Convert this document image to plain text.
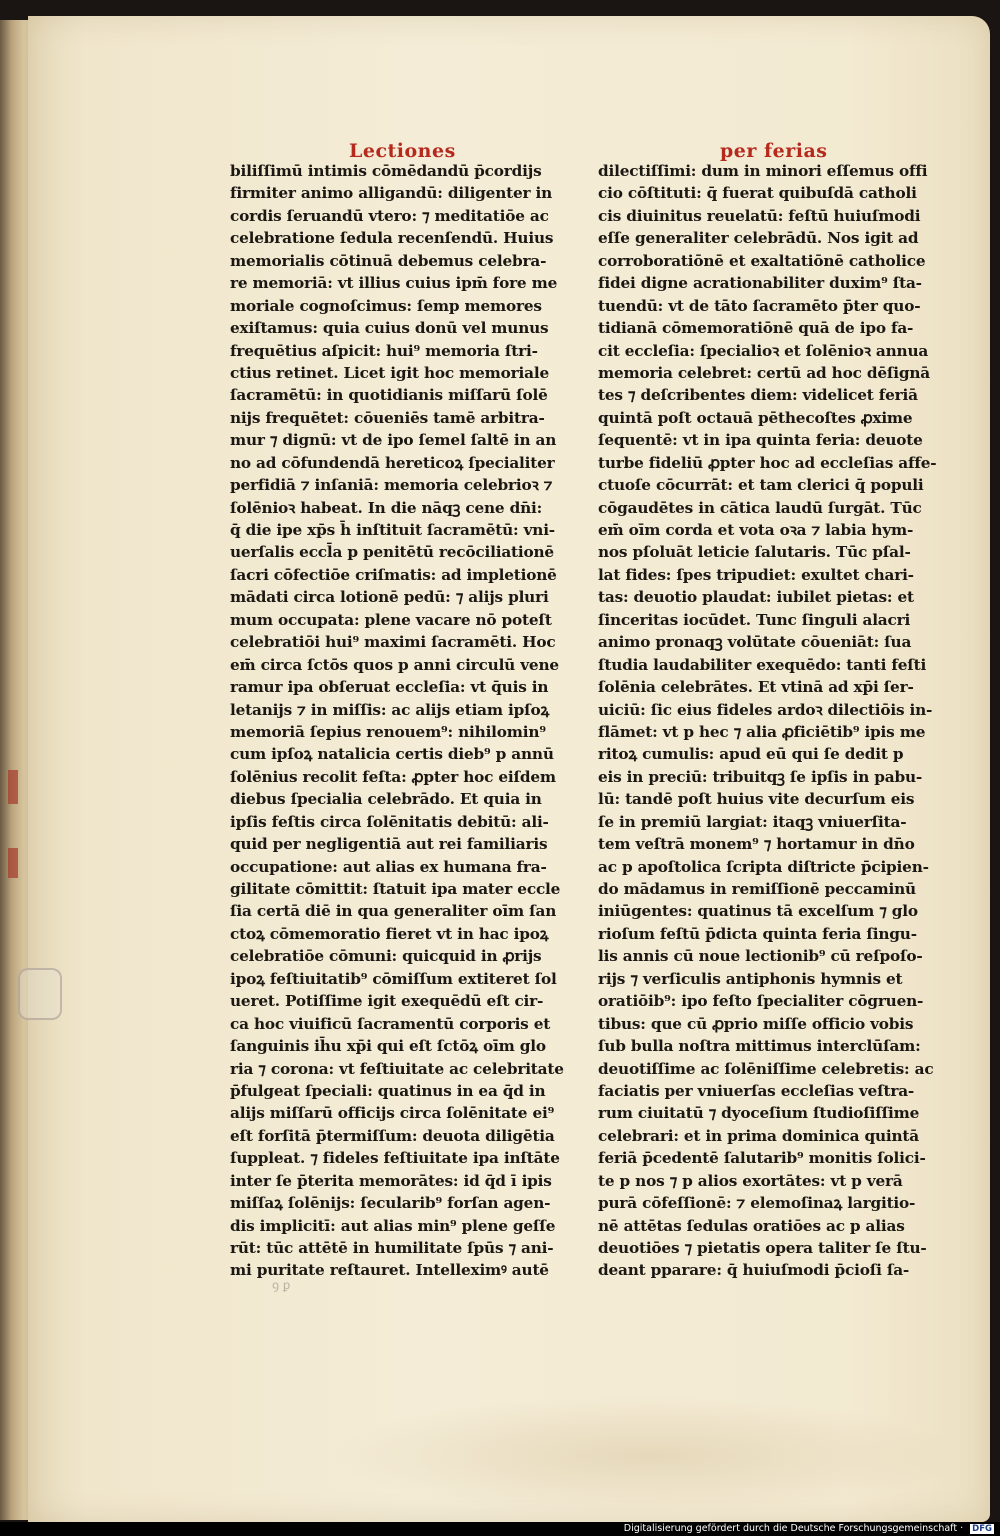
Lectiones	per ferias
biliſſimū intimis cōmēdandū p̄cordijs
firmiter animo alligandū: diligenter in
cordis ſeruandū vtero: ⁊ meditatiōe ac
celebratione ſedula recenſendū. Huius
memorialis cōtinuā debemus celebra-
re memoriā: vt illius cuius ipm̄ fore me
moriale cognoſcimus: ſemp memores
exiſtamus: quia cuius donū vel munus
frequētius aſpicit: hui⁹ memoria ſtri-
ctius retinet. Licet igit hoc memoriale
ſacramētū: in quotidianis miſſarū ſolē
nijs frequētet: cōueniēs tamē arbitra-
mur ⁊ dignū: vt de ipo ſemel ſaltē in an
no ad cōfundendā hereticoꝝ ſpecialiter
perfidiā ⁊ inſaniā: memoria celebrioꝛ ⁊
ſolēnioꝛ habeat. In die nāqꝫ cene dn̄i:
q̄ die ipe xp̄s h̄ inſtituit ſacramētū: vni-
uerſalis eccl̄a p penitētū recōciliationē
ſacri cōfectiōe criſmatis: ad impletionē
mādati circa lotionē pedū: ⁊ alijs pluri
mum occupata: plene vacare nō poteſt
celebratiōi hui⁹ maximi ſacramēti. Hoc
em̄ circa ſctōs quos p anni circulū vene
ramur ipa obſeruat eccleſia: vt q̄uis in
letanijs ⁊ in miſſis: ac alijs etiam ipſoꝝ
memoriā ſepius renouem⁹: nihilomin⁹
cum ipſoꝝ natalicia certis dieb⁹ p annū
ſolēnius recolit feſta: ꝓpter hoc eiſdem
diebus ſpecialia celebrādo. Et quia in
ipſis feſtis circa ſolēnitatis debitū: ali-
quid per negligentiā aut rei familiaris
occupatione: aut alias ex humana fra-
gilitate cōmittit: ſtatuit ipa mater eccle
ſia certā diē in qua generaliter oīm ſan
ctoꝝ cōmemoratio fieret vt in hac ipoꝝ
celebratiōe cōmuni: quicquid in ꝓrijs
ipoꝝ feſtiuitatib⁹ cōmiſſum extiteret ſol
ueret. Potiſſime igit exequēdū eſt cir-
ca hoc viuificū ſacramentū corporis et
ſanguinis ih̄u xp̄i qui eſt ſctōꝝ oīm glo
ria ⁊ corona: vt feſtiuitate ac celebritate
p̄fulgeat ſpeciali: quatinus in ea q̄d in
alijs miſſarū officijs circa ſolēnitate ei⁹
eſt forſitā p̄termiſſum: deuota diligētia
ſuppleat. ⁊ fideles feſtiuitate ipa inſtāte
inter ſe p̄terita memorātes: id q̄d ī ipis
miſſaꝝ ſolēnijs: ſecularib⁹ forſan agen-
dis implicitī: aut alias min⁹ plene geſſe
rūt: tūc attētē in humilitate ſpūs ⁊ ani-
mi puritate reſtauret. Intelleximꝰ autē
dilectiſſimi: dum in minori eſſemus offi
cio cōſtituti: q̄ fuerat quibuſdā catholi
cis diuinitus reuelatū: feſtū huiuſmodi
eſſe generaliter celebrādū. Nos igit ad
corroboratiōnē et exaltatiōnē catholice
fidei digne acrationabiliter duxim⁹ ſta-
tuendū: vt de tāto ſacramēto p̄ter quo-
tidianā cōmemoratiōnē quā de ipo fa-
cit eccleſia: ſpecialioꝛ et ſolēnioꝛ annua
memoria celebret: certū ad hoc dēſignā
tes ⁊ deſcribentes diem: videlicet feriā
quintā poſt octauā pēthecoſtes ꝓxime
ſequentē: vt in ipa quinta feria: deuote
turbe fideliū ꝓpter hoc ad eccleſias affe-
ctuoſe cōcurrāt: et tam clerici q̄ populi
cōgaudētes in cātica laudū ſurgāt. Tūc
em̄ oīm corda et vota oꝛa ⁊ labia hym-
nos pſoluāt leticie ſalutaris. Tūc pſal-
lat fides: ſpes tripudiet: exultet chari-
tas: deuotio plaudat: iubilet pietas: et
ſinceritas iocūdet. Tunc ſinguli alacri
animo pronaqꝫ volūtate cōueniāt: ſua
ſtudia laudabiliter exequēdo: tanti feſti
ſolēnia celebrātes. Et vtinā ad xp̄i ſer-
uiciū: ſic eius fideles ardoꝛ dilectiōis in-
flāmet: vt p hec ⁊ alia ꝓficiētib⁹ ipis me
ritoꝝ cumulis: apud eū qui ſe dedit p
eis in preciū: tribuitqꝫ ſe ipſis in pabu-
lū: tandē poſt huius vite decurſum eis
ſe in premiū largiat: itaqꝫ vniuerſita-
tem veſtrā monem⁹ ⁊ hortamur in dn̄o
ac p apoſtolica ſcripta diſtricte p̄cipien-
do mādamus in remiſſionē peccaminū
iniūgentes: quatinus tā excelſum ⁊ glo
rioſum feſtū p̄dicta quinta feria ſingu-
lis annis cū noue lectionib⁹ cū reſpoſo-
rijs ⁊ verſiculis antiphonis hymnis et
oratiōib⁹: ipo feſto ſpecialiter cōgruen-
tibus: que cū ꝓprio miſſe officio vobis
ſub bulla noſtra mittimus interclūſam:
deuotiſſime ac ſolēniſſime celebretis: ac
faciatis per vniuerſas eccleſias veſtra-
rum ciuitatū ⁊ dyoceſium ſtudioſiſſime
celebrari: et in prima dominica quintā
feriā p̄cedentē ſalutarib⁹ monitis ſolici-
te p nos ⁊ p alios exortātes: vt p verā
purā cōfeſſionē: ⁊ elemoſinaꝝ largitio-
nē attētas ſedulas oratiōes ac p alias
deuotiōes ⁊ pietatis opera taliter ſe ſtu-
deant pparare: q̄ huiuſmodi p̄cioſi ſa-
ꝯ ꝑ
Digitalisierung gefördert durch die Deutsche Forschungsgemeinschaft · DFG
